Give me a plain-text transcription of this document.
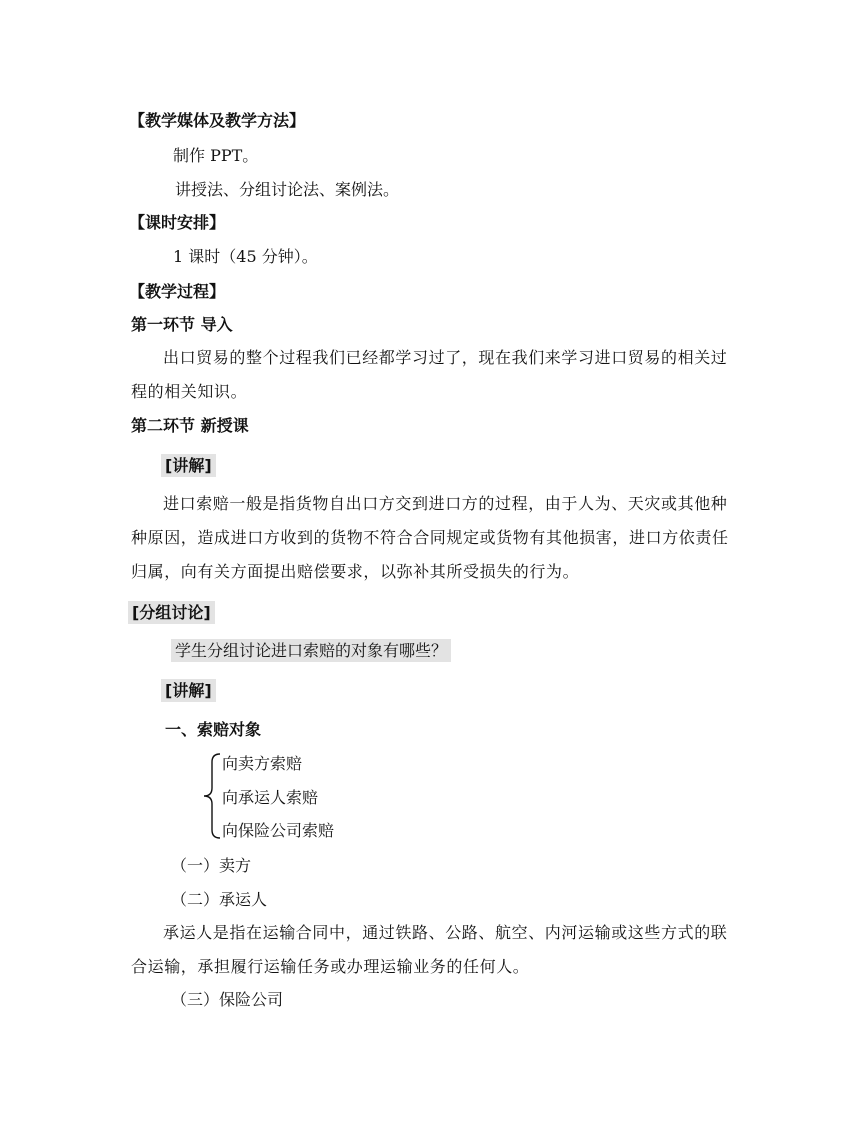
【教学媒体及教学方法】
制作 PPT。
讲授法、分组讨论法、案例法。
【课时安排】
1 课时（45 分钟）。
【教学过程】
第一环节 导入
出口贸易的整个过程我们已经都学习过了，现在我们来学习进口贸易的相关过程的相关知识。
第二环节 新授课
[讲解]
进口索赔一般是指货物自出口方交到进口方的过程，由于人为、天灾或其他种种原因，造成进口方收到的货物不符合合同规定或货物有其他损害，进口方依责任归属，向有关方面提出赔偿要求，以弥补其所受损失的行为。
[分组讨论]
学生分组讨论进口索赔的对象有哪些？
[讲解]
一、索赔对象
向卖方索赔
向承运人索赔
向保险公司索赔
（一）卖方
（二）承运人
承运人是指在运输合同中，通过铁路、公路、航空、内河运输或这些方式的联合运输，承担履行运输任务或办理运输业务的任何人。
（三）保险公司
